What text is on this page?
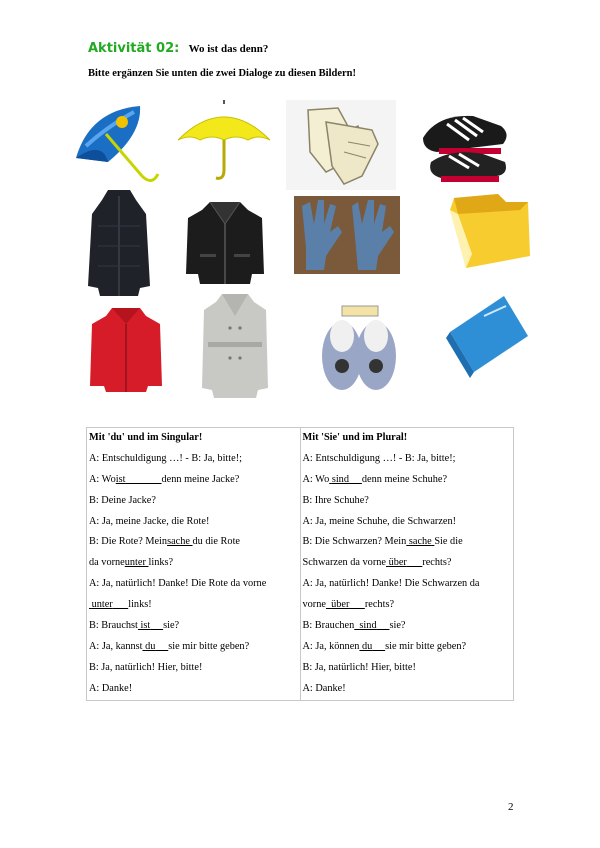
Aktivität 02: Wo ist das denn?
Bitte ergänzen Sie unten die zwei Dialoge zu diesen Bildern!
Mit 'du' und im Singular!
A: Entschuldigung …! - B: Ja, bitte!;
A: Woist	denn meine Jacke?
B: Deine Jacke?
A: Ja, meine Jacke, die Rote!
B: Die Rote? Meinsache du die Rote
da vorneunter links?
A: Ja, natürlich! Danke! Die Rote da vorne
unter links!
B: Brauchst ist sie?
A: Ja, kannst du sie mir bitte geben?
B: Ja, natürlich! Hier, bitte!
A: Danke!

Mit 'Sie' und im Plural!
A: Entschuldigung …! - B: Ja, bitte!;
A: Wo sind denn meine Schuhe?
B: Ihre Schuhe?
A: Ja, meine Schuhe, die Schwarzen!
B: Die Schwarzen? Mein sache Sie die
Schwarzen da vorne über rechts?
A: Ja, natürlich! Danke! Die Schwarzen da
vorne über rechts?
B: Brauchen sind sie?
A: Ja, können du sie mir bitte geben?
B: Ja, natürlich! Hier, bitte!
A: Danke!
2
